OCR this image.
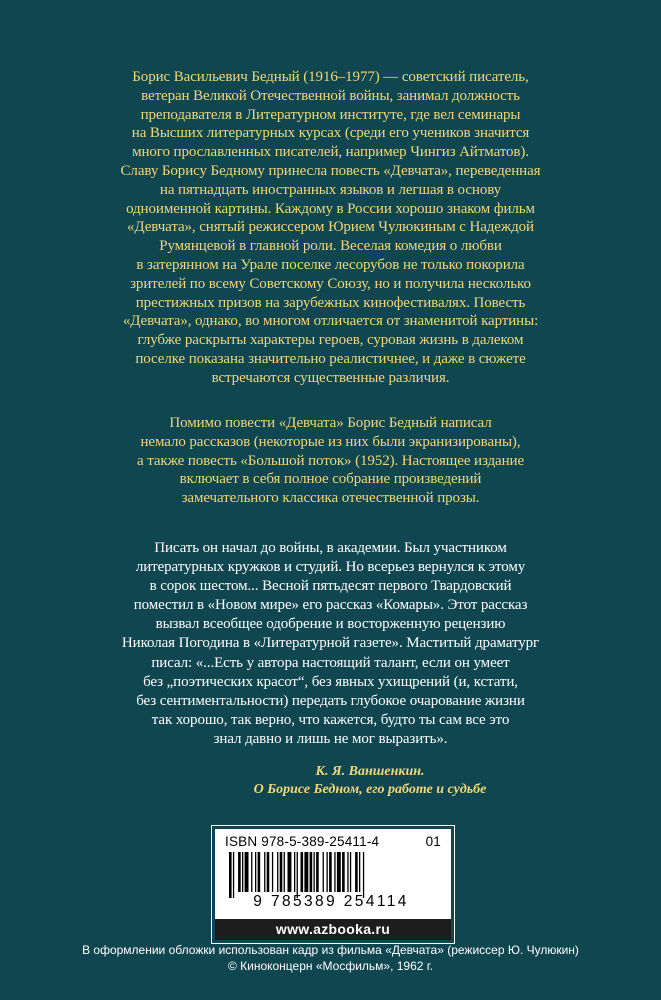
Борис Васильевич Бедный (1916–1977) — советский писатель,
ветеран Великой Отечественной войны, занимал должность
преподавателя в Литературном институте, где вел семинары
на Высших литературных курсах (среди его учеников значится
много прославленных писателей, например Чингиз Айтматов).
Славу Борису Бедному принесла повесть «Девчата», переведенная
на пятнадцать иностранных языков и легшая в основу
одноименной картины. Каждому в России хорошо знаком фильм
«Девчата», снятый режиссером Юрием Чулюкиным с Надеждой
Румянцевой в главной роли. Веселая комедия о любви
в затерянном на Урале поселке лесорубов не только покорила
зрителей по всему Советскому Союзу, но и получила несколько
престижных призов на зарубежных кинофестивалях. Повесть
«Девчата», однако, во многом отличается от знаменитой картины:
глубже раскрыты характеры героев, суровая жизнь в далеком
поселке показана значительно реалистичнее, и даже в сюжете
встречаются существенные различия.

Помимо повести «Девчата» Борис Бедный написал
немало рассказов (некоторые из них были экранизированы),
а также повесть «Большой поток» (1952). Настоящее издание
включает в себя полное собрание произведений
замечательного классика отечественной прозы.

Писать он начал до войны, в академии. Был участником
литературных кружков и студий. Но всерьез вернулся к этому
в сорок шестом... Весной пятьдесят первого Твардовский
поместил в «Новом мире» его рассказ «Комары». Этот рассказ
вызвал всеобщее одобрение и восторженную рецензию
Николая Погодина в «Литературной газете». Маститый драматург
писал: «...Есть у автора настоящий талант, если он умеет
без „поэтических красот“, без явных ухищрений (и, кстати,
без сентиментальности) передать глубокое очарование жизни
так хорошо, так верно, что кажется, будто ты сам все это
знал давно и лишь не мог выразить».

К. Я. Ваншенкин.

О Борисе Бедном, его работе и судьбе

ISBN 978-5-389-25411-4	01
9 785389 254114
www.azbooka.ru

В оформлении обложки использован кадр из фильма «Девчата» (режиссер Ю. Чулюкин)
© Киноконцерн «Мосфильм», 1962 г.
